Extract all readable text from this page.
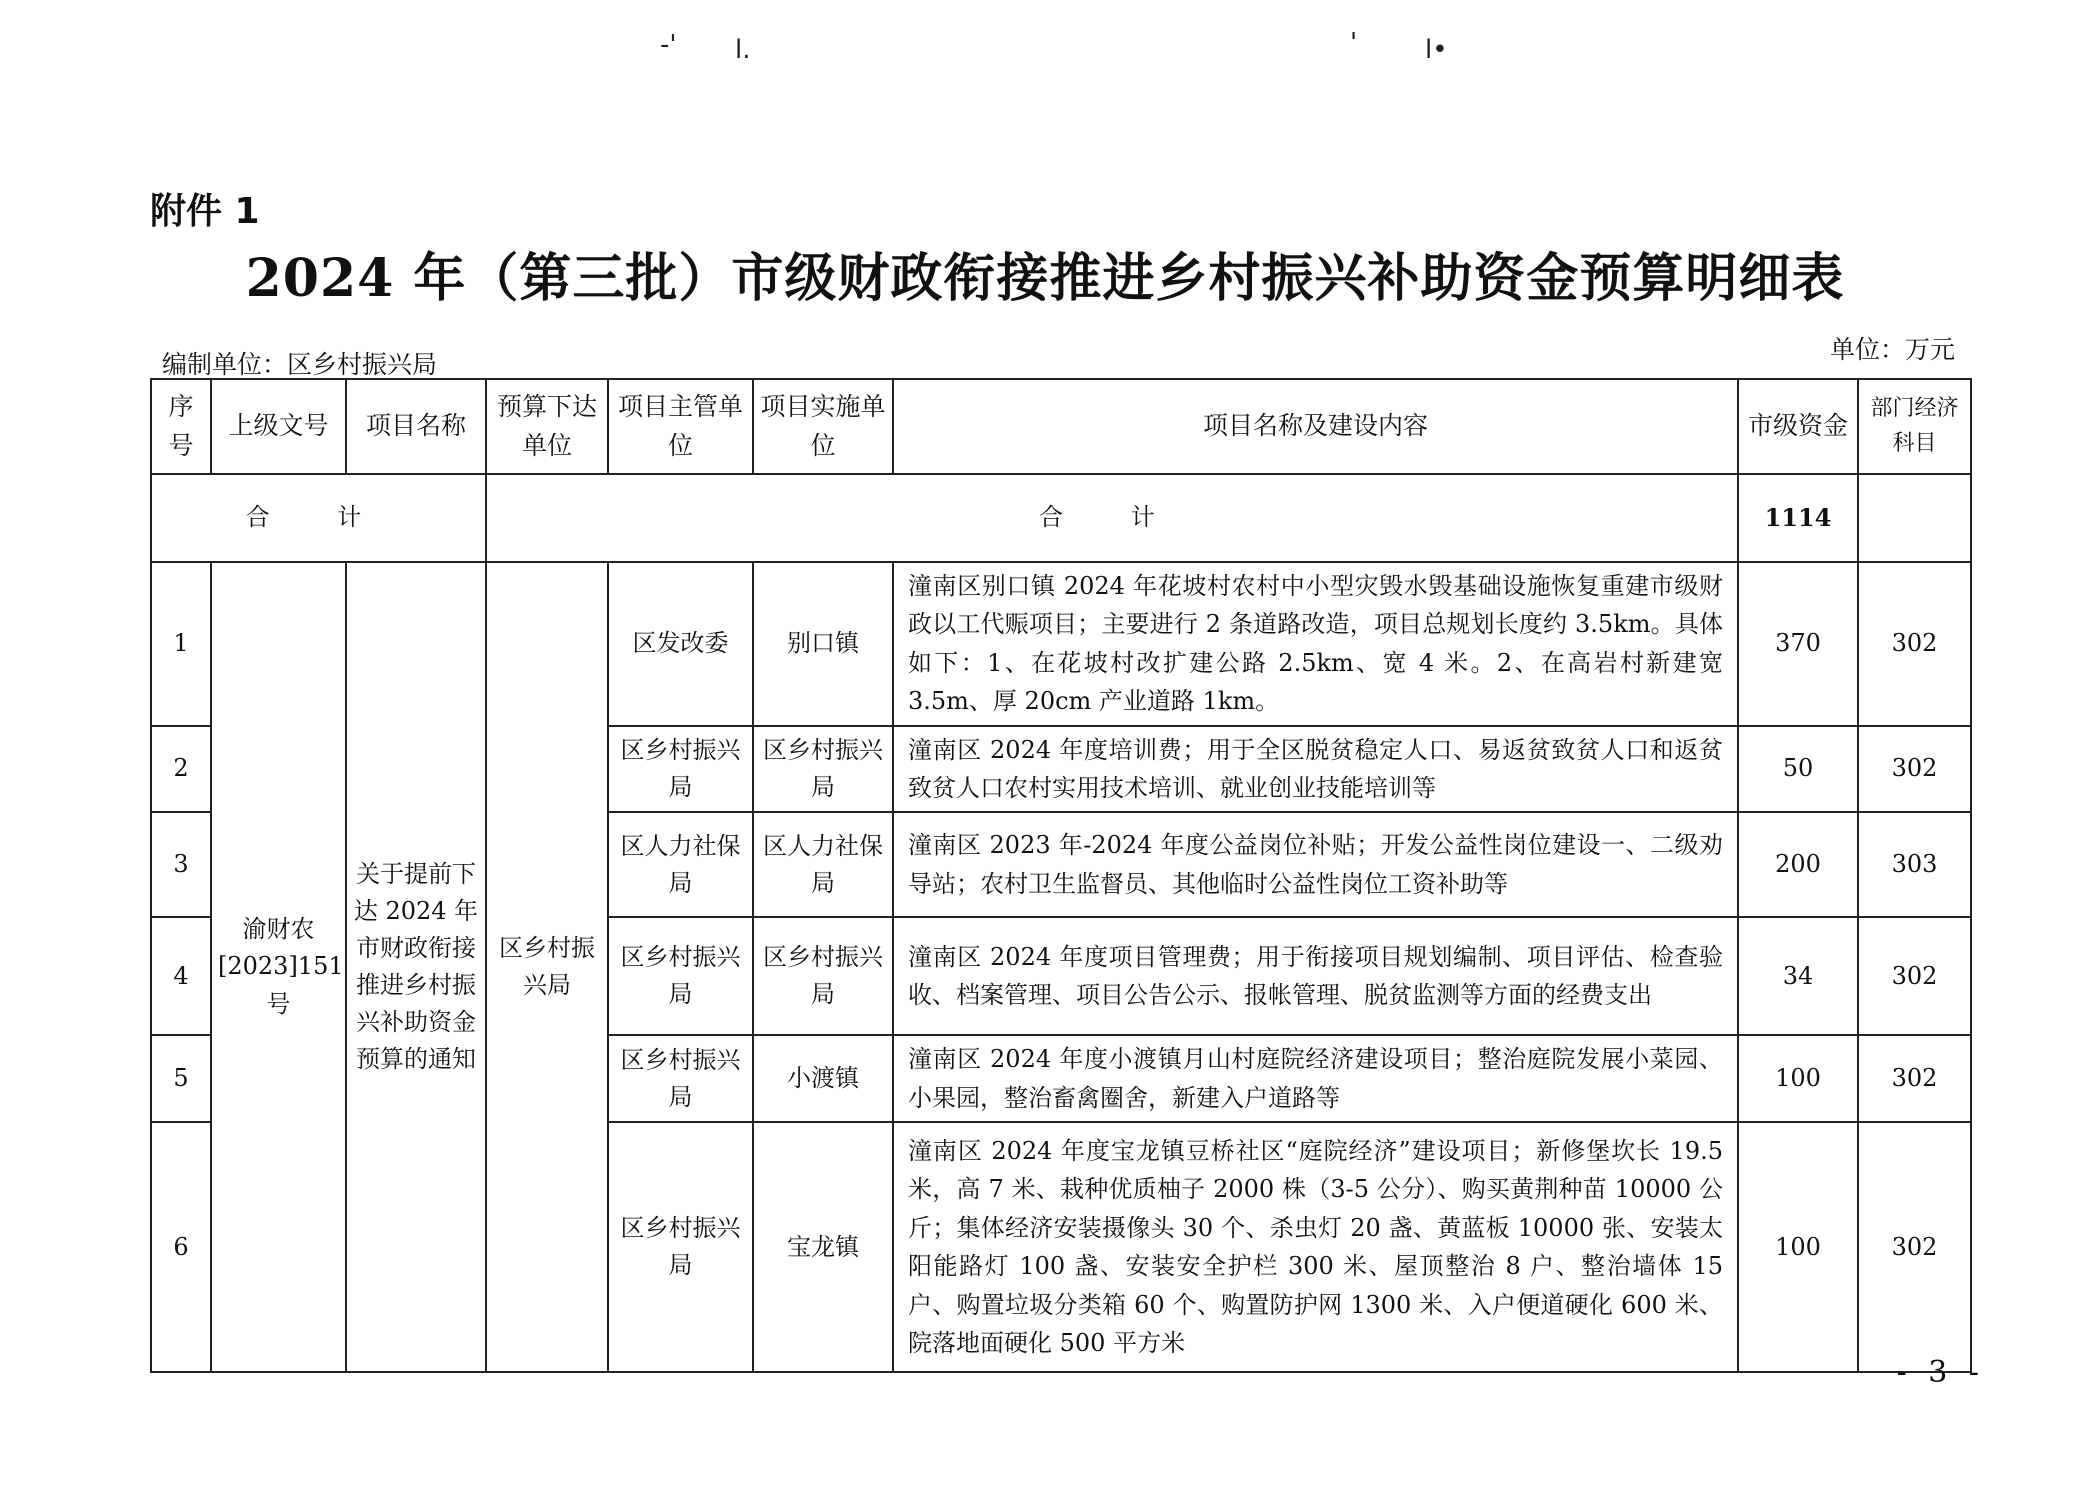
-' l.	'	l•
附件 1
2024 年（第三批）市级财政衔接推进乡村振兴补助资金预算明细表
编制单位：区乡村振兴局
单位：万元
序号	上级文号	项目名称	预算下达单位	项目主管单位	项目实施单位	项目名称及建设内容	市级资金	部门经济科目
合 计			合 计				1114	
1	渝财农[2023]151号	关于提前下达 2024 年市财政衔接推进乡村振兴补助资金预算的通知	区乡村振兴局	区发改委	别口镇	潼南区别口镇 2024 年花坡村农村中小型灾毁水毁基础设施恢复重建市级财政以工代赈项目；主要进行 2 条道路改造，项目总规划长度约 3.5km。具体如下：1、在花坡村改扩建公路 2.5km、宽 4 米。2、在高岩村新建宽 3.5m、厚 20cm 产业道路 1km。	370	302
2				区乡村振兴局	区乡村振兴局	潼南区 2024 年度培训费；用于全区脱贫稳定人口、易返贫致贫人口和返贫致贫人口农村实用技术培训、就业创业技能培训等	50	302
3				区人力社保局	区人力社保局	潼南区 2023 年-2024 年度公益岗位补贴；开发公益性岗位建设一、二级劝导站；农村卫生监督员、其他临时公益性岗位工资补助等	200	303
4				区乡村振兴局	区乡村振兴局	潼南区 2024 年度项目管理费；用于衔接项目规划编制、项目评估、检查验收、档案管理、项目公告公示、报帐管理、脱贫监测等方面的经费支出	34	302
5				区乡村振兴局	小渡镇	潼南区 2024 年度小渡镇月山村庭院经济建设项目；整治庭院发展小菜园、小果园，整治畜禽圈舍，新建入户道路等	100	302
6				区乡村振兴局	宝龙镇	潼南区 2024 年度宝龙镇豆桥社区“庭院经济”建设项目；新修堡坎长 19.5 米，高 7 米、栽种优质柚子 2000 株（3-5 公分）、购买黄荆种苗 10000 公斤；集体经济安装摄像头 30 个、杀虫灯 20 盏、黄蓝板 10000 张、安装太阳能路灯 100 盏、安装安全护栏 300 米、屋顶整治 8 户、整治墙体 15 户、购置垃圾分类箱 60 个、购置防护网 1300 米、入户便道硬化 600 米、院落地面硬化 500 平方米	100	302
- 3 -
